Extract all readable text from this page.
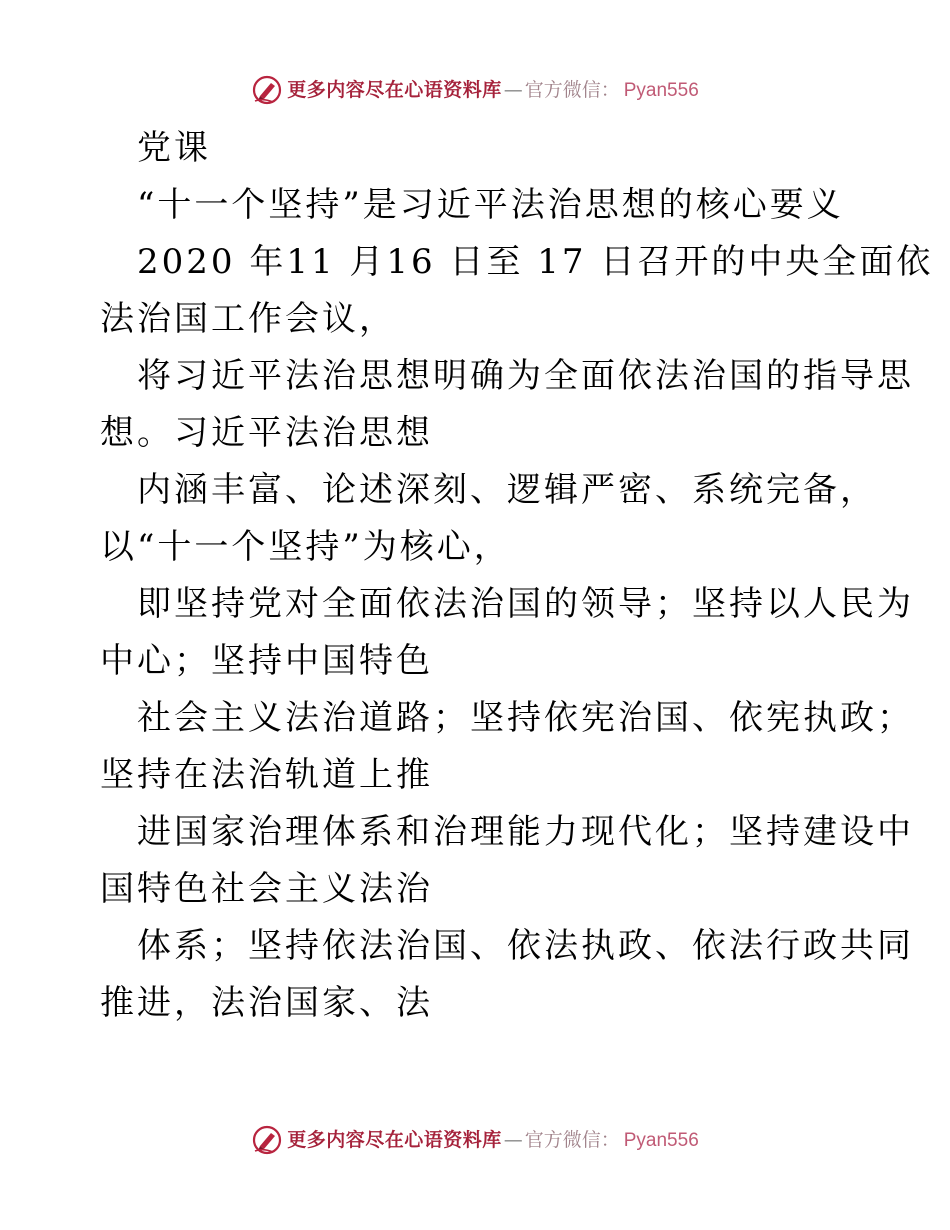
更多内容尽在心语资料库 — 官方微信： Pyan556

党课

“十一个坚持”是习近平法治思想的核心要义

2020 年11 月16 日至 17 日召开的中央全面依
法治国工作会议，

将习近平法治思想明确为全面依法治国的指导思
想。习近平法治思想

内涵丰富、论述深刻、逻辑严密、系统完备，
以“十一个坚持”为核心，

即坚持党对全面依法治国的领导；坚持以人民为
中心；坚持中国特色

社会主义法治道路；坚持依宪治国、依宪执政；
坚持在法治轨道上推

进国家治理体系和治理能力现代化；坚持建设中
国特色社会主义法治

体系；坚持依法治国、依法执政、依法行政共同
推进，法治国家、法

更多内容尽在心语资料库 — 官方微信： Pyan556
